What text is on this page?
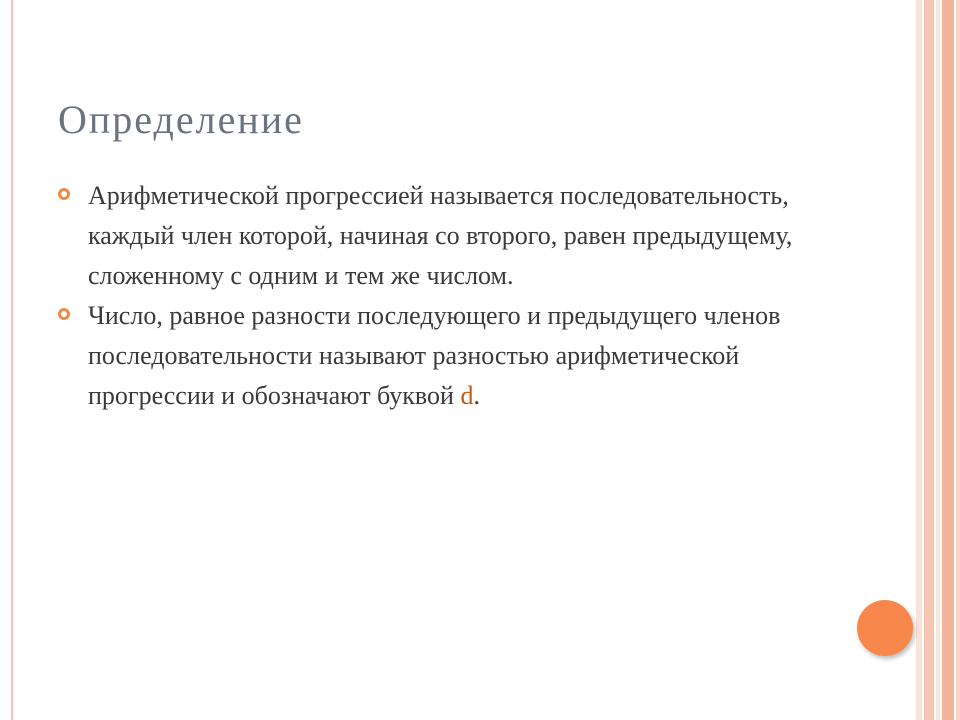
Определение
Арифметической прогрессией называется последовательность, каждый член которой, начиная со второго, равен предыдущему, сложенному с одним и тем же числом.
Число, равное разности последующего и предыдущего членов последовательности называют разностью арифметической прогрессии и обозначают буквой d.
